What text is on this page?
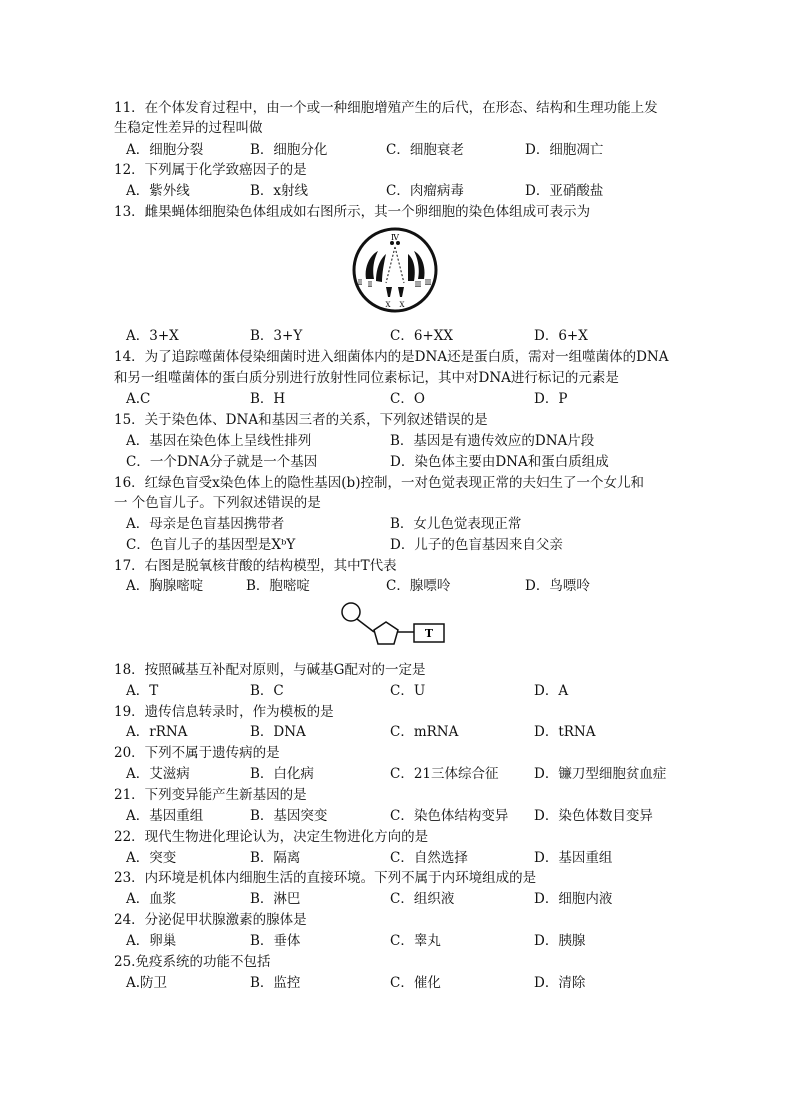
11．在个体发育过程中，由一个或一种细胞增殖产生的后代，在形态、结构和生理功能上发
生稳定性差异的过程叫做
A．细胞分裂	B．细胞分化	C．细胞衰老	D．细胞凋亡
12．下列属于化学致癌因子的是
A．紫外线	B．x射线	C．肉瘤病毒	D．亚硝酸盐
13．雌果蝇体细胞染色体组成如右图所示，其一个卵细胞的染色体组成可表示为
Ⅳ
Ⅱ Ⅱ	Ⅲ Ⅲ
X X
A．3+X	B．3+Y	C．6+XX	D．6+X
14．为了追踪噬菌体侵染细菌时进入细菌体内的是DNA还是蛋白质，需对一组噬菌体的DNA
和另一组噬菌体的蛋白质分别进行放射性同位素标记，其中对DNA进行标记的元素是
A.C	B．H	C．O	D．P
15．关于染色体、DNA和基因三者的关系，下列叙述错误的是
A．基因在染色体上呈线性排列	B．基因是有遗传效应的DNA片段
C．一个DNA分子就是一个基因	D．染色体主要由DNA和蛋白质组成
16．红绿色盲受x染色体上的隐性基因(b)控制，一对色觉表现正常的夫妇生了一个女儿和
一 个色盲儿子。下列叙述错误的是
A．母亲是色盲基因携带者	B．女儿色觉表现正常
C．色盲儿子的基因型是XᵇY	D．儿子的色盲基因来自父亲
17．右图是脱氧核苷酸的结构模型，其中T代表
A．胸腺嘧啶	B．胞嘧啶	C．腺嘌呤	D．鸟嘌呤
T
18．按照碱基互补配对原则，与碱基G配对的一定是
A．T	B．C	C．U	D．A
19．遗传信息转录时，作为模板的是
A．rRNA	B．DNA	C．mRNA	D．tRNA
20．下列不属于遗传病的是
A．艾滋病	B．白化病	C．21三体综合征	D．镰刀型细胞贫血症
21．下列变异能产生新基因的是
A．基因重组	B．基因突变	C．染色体结构变异 D．染色体数目变异
22．现代生物进化理论认为，决定生物进化方向的是
A．突变	B．隔离	C．自然选择	D．基因重组
23．内环境是机体内细胞生活的直接环境。下列不属于内环境组成的是
A．血浆	B．淋巴	C．组织液	D．细胞内液
24．分泌促甲状腺激素的腺体是
A．卵巢	B．垂体	C．睾丸	D．胰腺
25.免疫系统的功能不包括
A.防卫	B．监控	C．催化	D．清除
